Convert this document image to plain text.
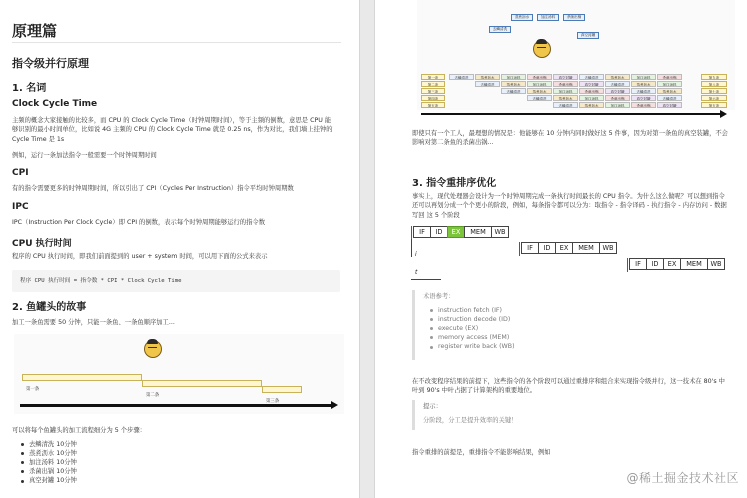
原理篇
指令级并行原理
1. 名词
Clock Cycle Time
主频的概念大家接触的比较多，而 CPU 的 Clock Cycle Time（时钟周期时间），等于主频的倒数，意思是 CPU 能
够识别的最小时间单位，比如说 4G 主频的 CPU 的 Clock Cycle Time 就是 0.25 ns，作为对比，我们墙上挂钟的
Cycle Time 是 1s
例如，运行一条加法指令一般需要一个时钟周期时间
CPI
有的指令需要更多的时钟周期时间，所以引出了 CPI（Cycles Per Instruction）指令平均时钟周期数
IPC
IPC（Instruction Per Clock Cycle）即 CPI 的倒数，表示每个时钟周期能够运行的指令数
CPU 执行时间
程序的 CPU 执行时间，即我们前面提到的 user + system 时间，可以用下面的公式来表示
程序 CPU 执行时间 = 指令数 * CPI * Clock Cycle Time
2. 鱼罐头的故事
加工一条鱼需要 50 分钟，只能一条鱼、一条鱼顺序加工...
第一条
第二条
第三条
可以将每个鱼罐头的加工流程细分为 5 个步骤：
去鳞清洗 10分钟
蒸煮沥水 10分钟
加注汤料 10分钟
杀菌出锅 10分钟
真空封罐 10分钟
蒸煮沥水	加注汤料	杀菌出锅
去鳞清洗
真空封罐
第一条	去鳞清洗	蒸煮沥水	加注汤料	杀菌出锅	真空封罐	去鳞清洗	蒸煮沥水	加注汤料	杀菌出锅	第九条
第二条	去鳞清洗	蒸煮沥水	加注汤料	杀菌出锅	真空封罐	去鳞清洗	蒸煮沥水	加注汤料	第八条
第三条	去鳞清洗	蒸煮沥水	加注汤料	杀菌出锅	真空封罐	去鳞清洗	蒸煮沥水	第七条
第四条	去鳞清洗	蒸煮沥水	加注汤料	杀菌出锅	真空封罐	去鳞清洗	第六条
第五条	去鳞清洗	蒸煮沥水	加注汤料	杀菌出锅	真空封罐	第五条
即使只有一个工人，最理想的情况是：他能够在 10 分钟内同时做好这 5 件事，因为对第一条鱼的真空装罐，不会
影响对第二条鱼的杀菌出锅...
3. 指令重排序优化
事实上，现代处理器会设计为一个时钟周期完成一条执行时间最长的 CPU 指令。为什么这么做呢？可以想到指令
还可以再划分成一个个更小的阶段，例如，每条指令都可以分为：取指令 - 指令译码 - 执行指令 - 内存访问 - 数据
写回 这 5 个阶段
IF	ID	EX	MEM	WB
IF	ID	EX	MEM	WB
IF	ID	EX	MEM	WB
i
t
术语参考：
instruction fetch (IF)
instruction decode (ID)
execute (EX)
memory access (MEM)
register write back (WB)
在不改变程序结果的前提下，这些指令的各个阶段可以通过重排序和组合来实现指令级并行，这一技术在 80's 中
叶到 90's 中叶占据了计算架构的重要地位。
提示：
分阶段，分工是提升效率的关键！
指令重排的前提是，重排指令不能影响结果，例如
@稀土掘金技术社区
